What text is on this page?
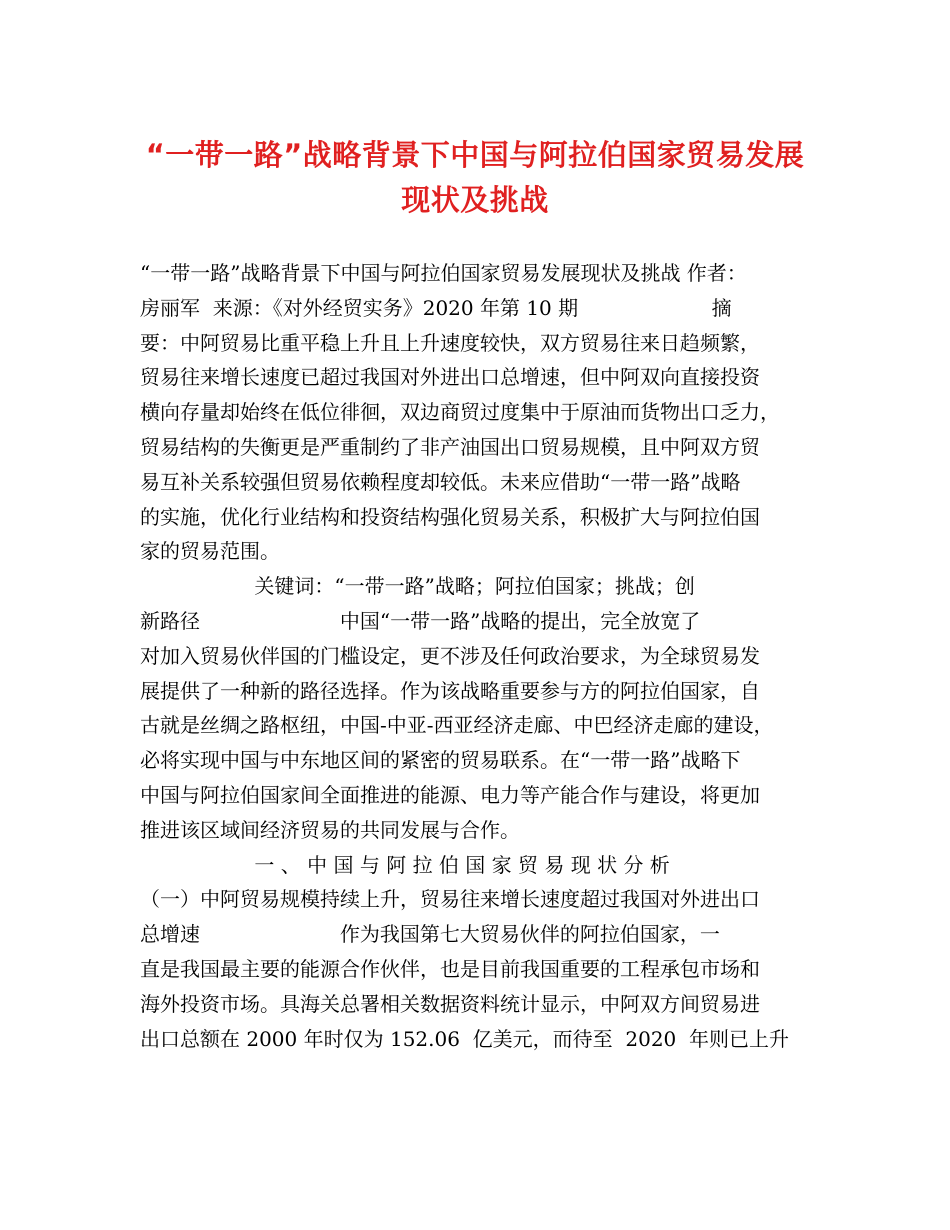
“一带一路”战略背景下中国与阿拉伯国家贸易发展
现状及挑战
“一带一路”战略背景下中国与阿拉伯国家贸易发展现状及挑战 作者：
房丽军  来源：《对外经贸实务》2020 年第 10 期                     摘
要：中阿贸易比重平稳上升且上升速度较快，双方贸易往来日趋频繁，
贸易往来增长速度已超过我国对外进出口总增速，但中阿双向直接投资
横向存量却始终在低位徘徊，双边商贸过度集中于原油而货物出口乏力，
贸易结构的失衡更是严重制约了非产油国出口贸易规模，且中阿双方贸
易互补关系较强但贸易依赖程度却较低。未来应借助“一带一路”战略
的实施，优化行业结构和投资结构强化贸易关系，积极扩大与阿拉伯国
家的贸易范围。
关键词：“一带一路”战略；阿拉伯国家；挑战；创
新路径                      中国“一带一路”战略的提出，完全放宽了
对加入贸易伙伴国的门槛设定，更不涉及任何政治要求，为全球贸易发
展提供了一种新的路径选择。作为该战略重要参与方的阿拉伯国家，自
古就是丝绸之路枢纽，中国-中亚-西亚经济走廊、中巴经济走廊的建设，
必将实现中国与中东地区间的紧密的贸易联系。在“一带一路”战略下
中国与阿拉伯国家间全面推进的能源、电力等产能合作与建设，将更加
推进该区域间经济贸易的共同发展与合作。
一 、 中 国 与 阿 拉 伯 国 家 贸 易 现 状 分 析
（一）中阿贸易规模持续上升，贸易往来增长速度超过我国对外进出口
总增速                      作为我国第七大贸易伙伴的阿拉伯国家，一
直是我国最主要的能源合作伙伴，也是目前我国重要的工程承包市场和
海外投资市场。具海关总署相关数据资料统计显示，中阿双方间贸易进
出口总额在 2000 年时仅为 152.06  亿美元，而待至  2020  年则已上升
